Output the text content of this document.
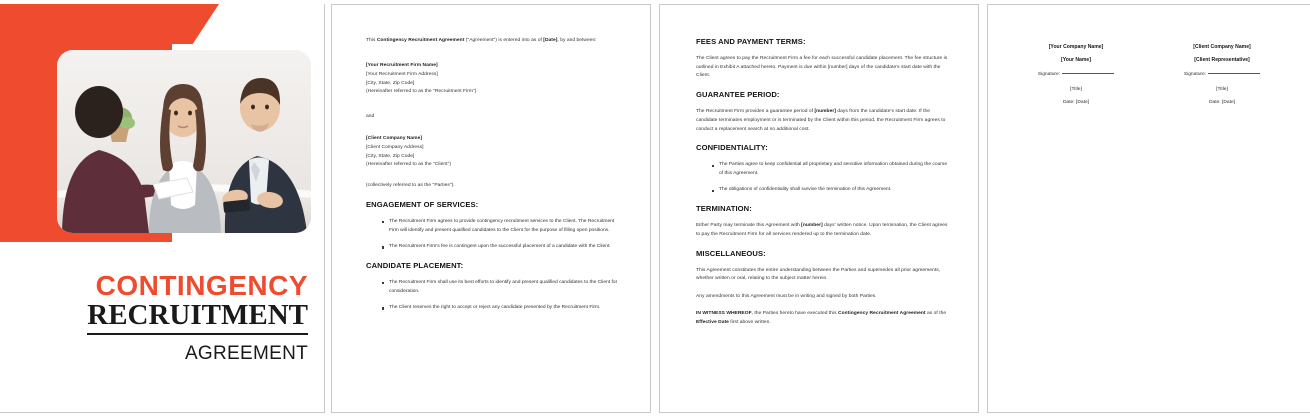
CONTINGENCY
RECRUITMENT
AGREEMENT

This Contingency Recruitment Agreement ("Agreement") is entered into as of [Date], by and between:

[Your Recruitment Firm Name]

[Your Recruitment Firm Address]

[City, State, Zip Code]

(Hereinafter referred to as the "Recruitment Firm")

and

[Client Company Name]

[Client Company Address]

[City, State, Zip Code]

(Hereinafter referred to as the "Client")

(collectively referred to as the "Parties").

ENGAGEMENT OF SERVICES:
The Recruitment Firm agrees to provide contingency recruitment services to the Client. The Recruitment Firm will identify and present qualified candidates to the Client for the purpose of filling open positions.
The Recruitment Firm's fee is contingent upon the successful placement of a candidate with the Client.
CANDIDATE PLACEMENT:
The Recruitment Firm shall use its best efforts to identify and present qualified candidates to the Client for consideration.
The Client reserves the right to accept or reject any candidate presented by the Recruitment Firm.
FEES AND PAYMENT TERMS:

The Client agrees to pay the Recruitment Firm a fee for each successful candidate placement. The fee structure is outlined in Exhibit A attached hereto. Payment is due within [number] days of the candidate's start date with the Client.

GUARANTEE PERIOD:

The Recruitment Firm provides a guarantee period of [number] days from the candidate's start date. If the candidate terminates employment or is terminated by the Client within this period, the Recruitment Firm agrees to conduct a replacement search at no additional cost.

CONFIDENTIALITY:
The Parties agree to keep confidential all proprietary and sensitive information obtained during the course of this Agreement.
The obligations of confidentiality shall survive the termination of this Agreement.
TERMINATION:

Either Party may terminate this Agreement with [number] days' written notice. Upon termination, the Client agrees to pay the Recruitment Firm for all services rendered up to the termination date.

MISCELLANEOUS:

This Agreement constitutes the entire understanding between the Parties and supersedes all prior agreements, whether written or oral, relating to the subject matter herein.

Any amendments to this Agreement must be in writing and signed by both Parties.

IN WITNESS WHEREOF, the Parties hereto have executed this Contingency Recruitment Agreement as of the Effective Date first above written.

[Your Company Name]
[Your Name]
Signature:
[Title]
Date: [Date]
[Client Company Name]
[Client Representative]
Signature:
[Title]
Date: [Date]
